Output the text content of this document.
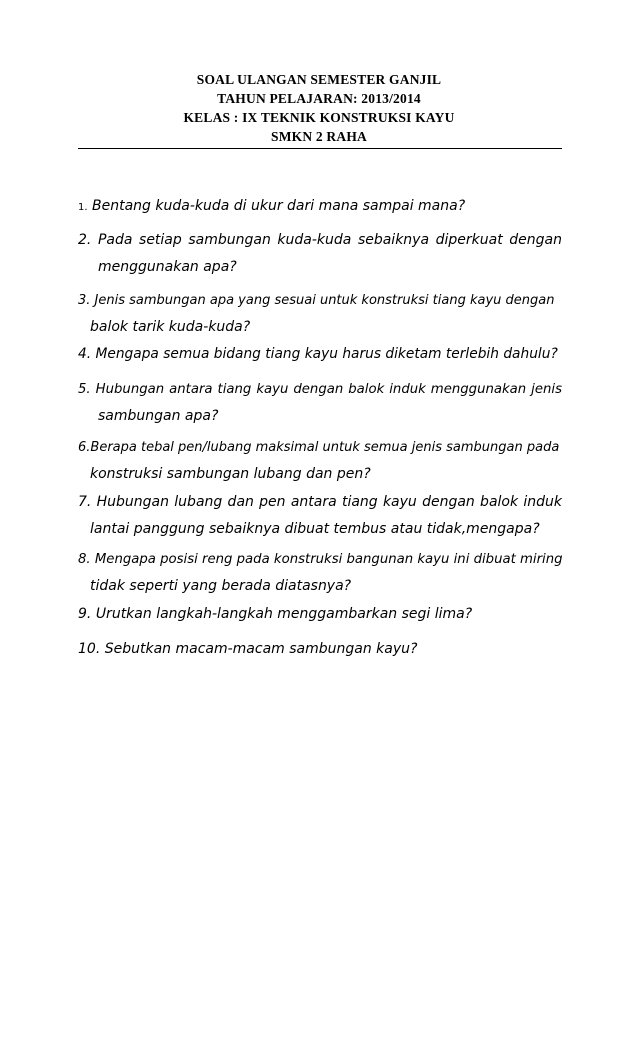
SOAL ULANGAN SEMESTER GANJIL
TAHUN PELAJARAN: 2013/2014
KELAS : IX TEKNIK KONSTRUKSI KAYU
SMKN 2 RAHA
1. Bentang kuda-kuda di ukur dari mana sampai mana?
2. Pada setiap sambungan kuda-kuda sebaiknya diperkuat dengan
menggunakan apa?
3. Jenis sambungan apa yang sesuai untuk konstruksi tiang kayu dengan
balok tarik kuda-kuda?
4. Mengapa semua bidang tiang kayu harus diketam terlebih dahulu?
5. Hubungan antara tiang kayu dengan balok induk menggunakan jenis
sambungan apa?
6.Berapa tebal pen/lubang maksimal untuk semua jenis sambungan pada
konstruksi sambungan lubang dan pen?
7. Hubungan lubang dan pen antara tiang kayu dengan balok induk
lantai panggung sebaiknya dibuat tembus atau tidak,mengapa?
8. Mengapa posisi reng pada konstruksi bangunan kayu ini dibuat miring
tidak seperti yang berada diatasnya?
9. Urutkan langkah-langkah menggambarkan segi lima?
10. Sebutkan macam-macam sambungan kayu?
